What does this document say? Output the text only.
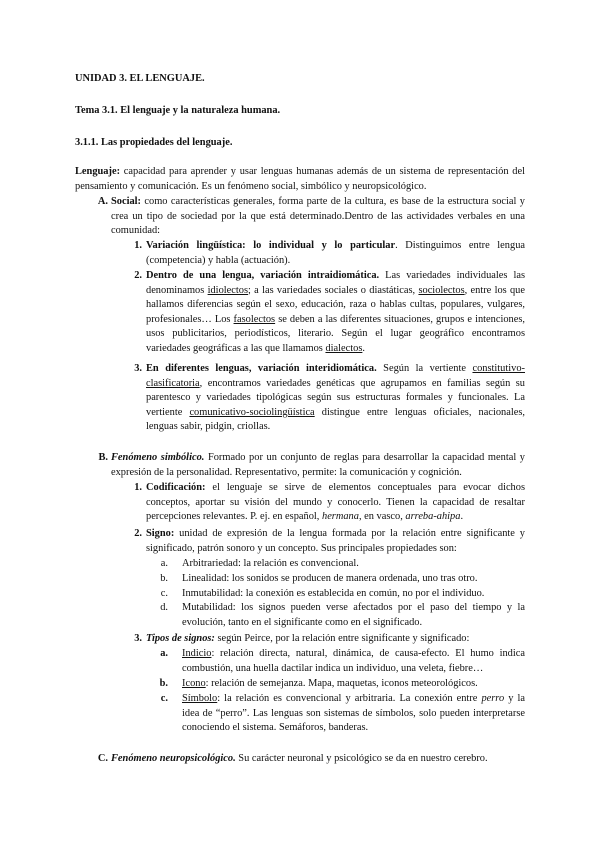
UNIDAD 3. EL LENGUAJE.
Tema 3.1. El lenguaje y la naturaleza humana.
3.1.1. Las propiedades del lenguaje.
Lenguaje: capacidad para aprender y usar lenguas humanas además de un sistema de representación del pensamiento y comunicación. Es un fenómeno social, simbólico y neuropsicológico.
A. Social: como características generales, forma parte de la cultura, es base de la estructura social y crea un tipo de sociedad por la que está determinado.Dentro de las actividades verbales en una comunidad:
1. Variación lingüística: lo individual y lo particular. Distinguimos entre lengua (competencia) y habla (actuación).
2. Dentro de una lengua, variación intraidiomática. Las variedades individuales las denominamos idiolectos; a las variedades sociales o diastáticas, sociolectos, entre los que hallamos diferencias según el sexo, educación, raza o hablas cultas, populares, vulgares, profesionales… Los fasolectos se deben a las diferentes situaciones, grupos e intenciones, usos publicitarios, periodísticos, literario. Según el lugar geográfico encontramos variedades geográficas a las que llamamos dialectos.
3. En diferentes lenguas, variación interidiomática. Según la vertiente constitutivo-clasificatoria, encontramos variedades genéticas que agrupamos en familias según su parentesco y variedades tipológicas según sus estructuras formales y funcionales. La vertiente comunicativo-sociolingüística distingue entre lenguas oficiales, nacionales, lenguas sabir, pidgin, criollas.
B. Fenómeno simbólico. Formado por un conjunto de reglas para desarrollar la capacidad mental y expresión de la personalidad. Representativo, permite: la comunicación y cognición.
1. Codificación: el lenguaje se sirve de elementos conceptuales para evocar dichos conceptos, aportar su visión del mundo y conocerlo. Tienen la capacidad de resaltar percepciones relevantes. P. ej. en español, hermana, en vasco, arreba-ahipa.
2. Signo: unidad de expresión de la lengua formada por la relación entre significante y significado, patrón sonoro y un concepto. Sus principales propiedades son:
a. Arbitrariedad: la relación es convencional.
b. Linealidad: los sonidos se producen de manera ordenada, uno tras otro.
c. Inmutabilidad: la conexión es establecida en común, no por el individuo.
d. Mutabilidad: los signos pueden verse afectados por el paso del tiempo y la evolución, tanto en el significante como en el significado.
3. Tipos de signos: según Peirce, por la relación entre significante y significado:
a. Indicio: relación directa, natural, dinámica, de causa-efecto. El humo indica combustión, una huella dactilar indica un individuo, una veleta, fiebre…
b. Icono: relación de semejanza. Mapa, maquetas, iconos meteorológicos.
c. Símbolo: la relación es convencional y arbitraria. La conexión entre perro y la idea de “perro”. Las lenguas son sistemas de símbolos, solo pueden interpretarse conociendo el sistema. Semáforos, banderas.
C. Fenómeno neuropsicológico. Su carácter neuronal y psicológico se da en nuestro cerebro.
